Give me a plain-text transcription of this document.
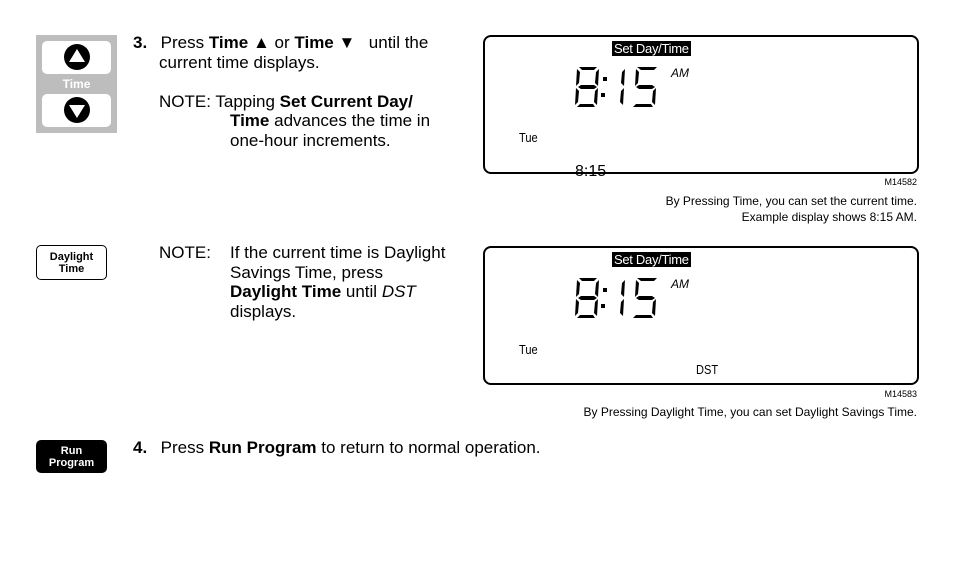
Time
3. Press Time ▲ or Time ▼ until the
current time displays.
NOTE: Tapping Set Current Day/
Time advances the time in
one-hour increments.
Set Day/Time
AM
Tue
M14582
By Pressing Time, you can set the current time.
Example display shows 8:15 AM.
Daylight
Time
NOTE: If the current time is Daylight
Savings Time, press
Daylight Time until DST
displays.
Set Day/Time
8:15
AM
Tue
DST
M14583
By Pressing Daylight Time, you can set Daylight Savings Time.
Run
Program
4. Press Run Program to return to normal operation.
